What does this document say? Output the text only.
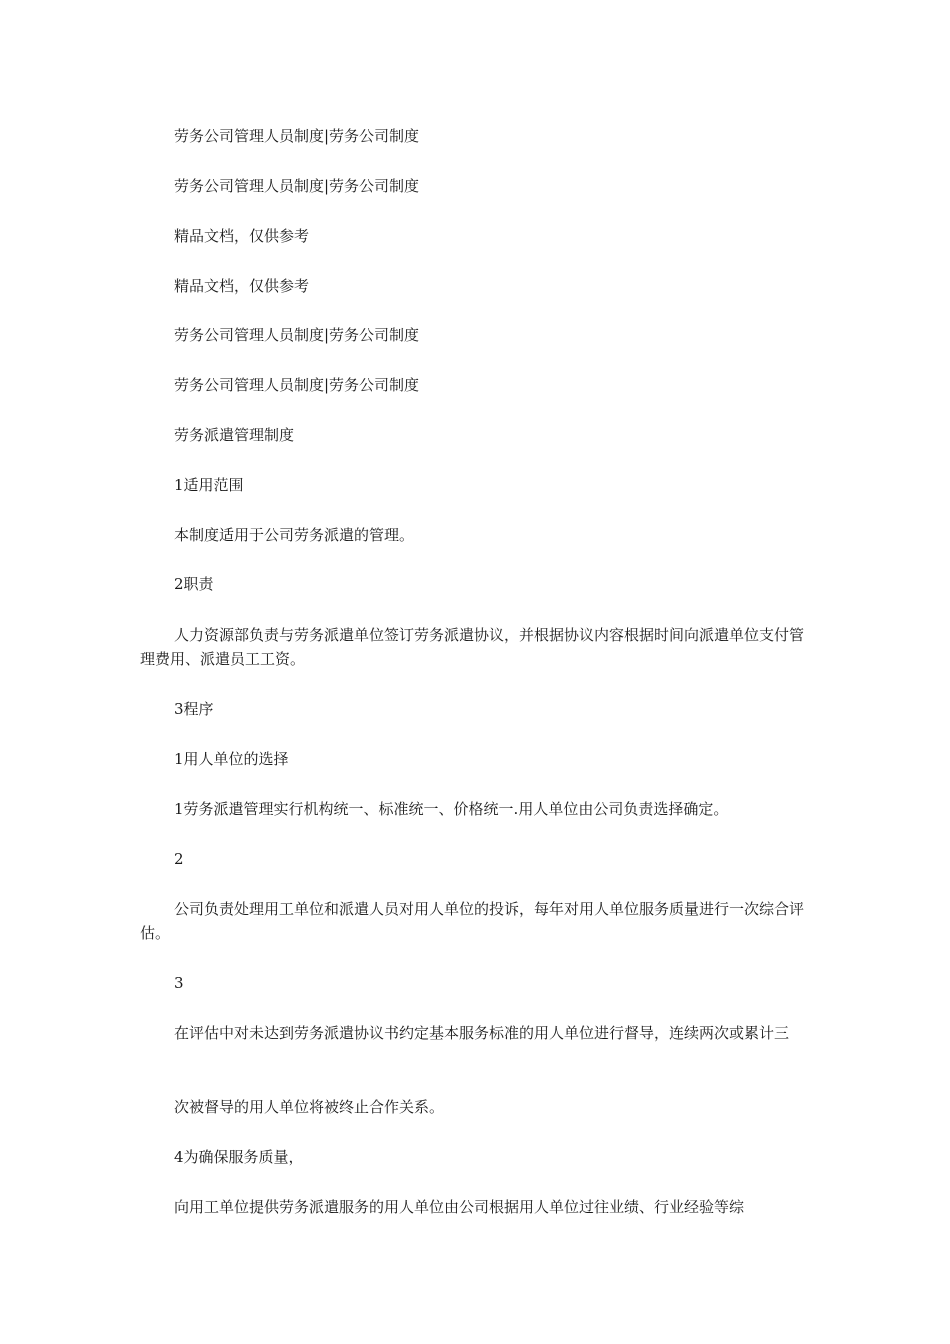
劳务公司管理人员制度|劳务公司制度

劳务公司管理人员制度|劳务公司制度

精品文档，仅供参考

精品文档，仅供参考

劳务公司管理人员制度|劳务公司制度

劳务公司管理人员制度|劳务公司制度

劳务派遣管理制度

1适用范围

本制度适用于公司劳务派遣的管理。

2职责

人力资源部负责与劳务派遣单位签订劳务派遣协议，并根据协议内容根据时间向派遣单位支付管理费用、派遣员工工资。

3程序

1用人单位的选择

1劳务派遣管理实行机构统一、标准统一、价格统一.用人单位由公司负责选择确定。

2

公司负责处理用工单位和派遣人员对用人单位的投诉，每年对用人单位服务质量进行一次综合评估。

3

在评估中对未达到劳务派遣协议书约定基本服务标准的用人单位进行督导，连续两次或累计三

次被督导的用人单位将被终止合作关系。

4为确保服务质量，

向用工单位提供劳务派遣服务的用人单位由公司根据用人单位过往业绩、行业经验等综
